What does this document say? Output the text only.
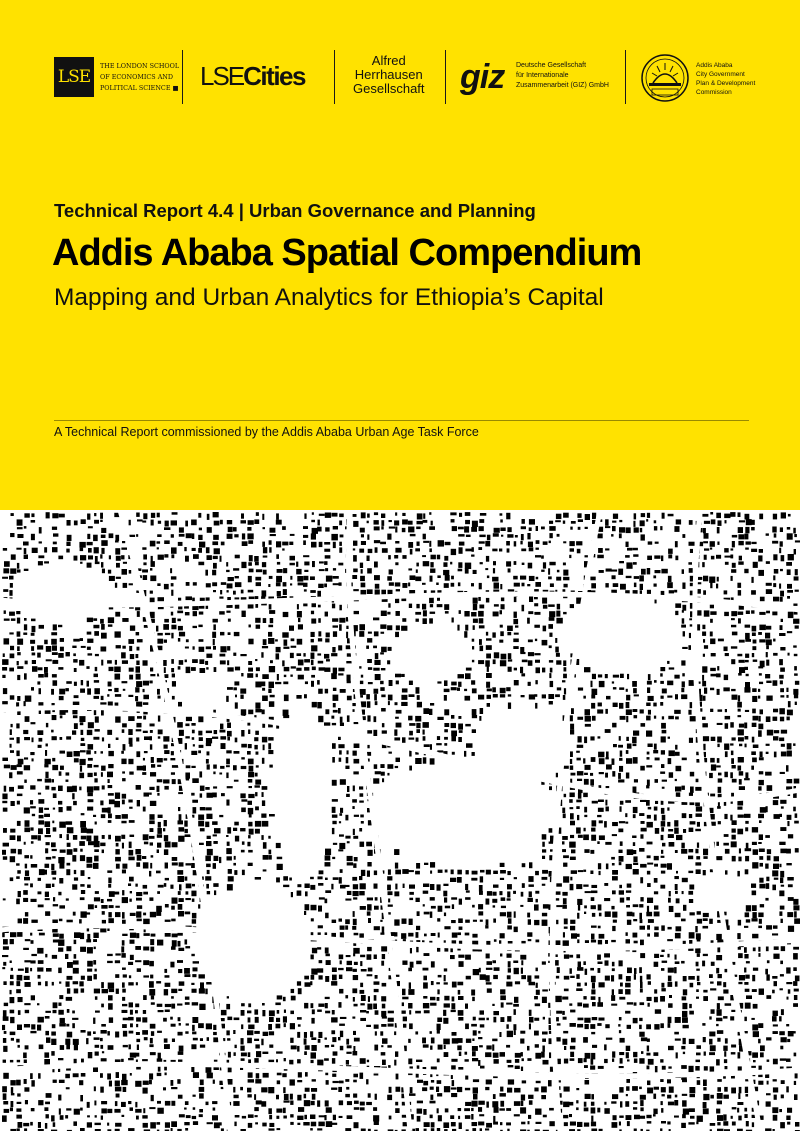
LSE
THE LONDON SCHOOL
OF ECONOMICS AND
POLITICAL SCIENCE ■ LSECities
Alfred
Herrhausen
Gesellschaft giz Deutsche Gesellschaft
für Internationale
Zusammenarbeit (GIZ) GmbH
Addis Ababa
City Government
Plan & Development
Commission
Technical Report 4.4 | Urban Governance and Planning
Addis Ababa Spatial Compendium
Mapping and Urban Analytics for Ethiopia’s Capital
A Technical Report commissioned by the Addis Ababa Urban Age Task Force
